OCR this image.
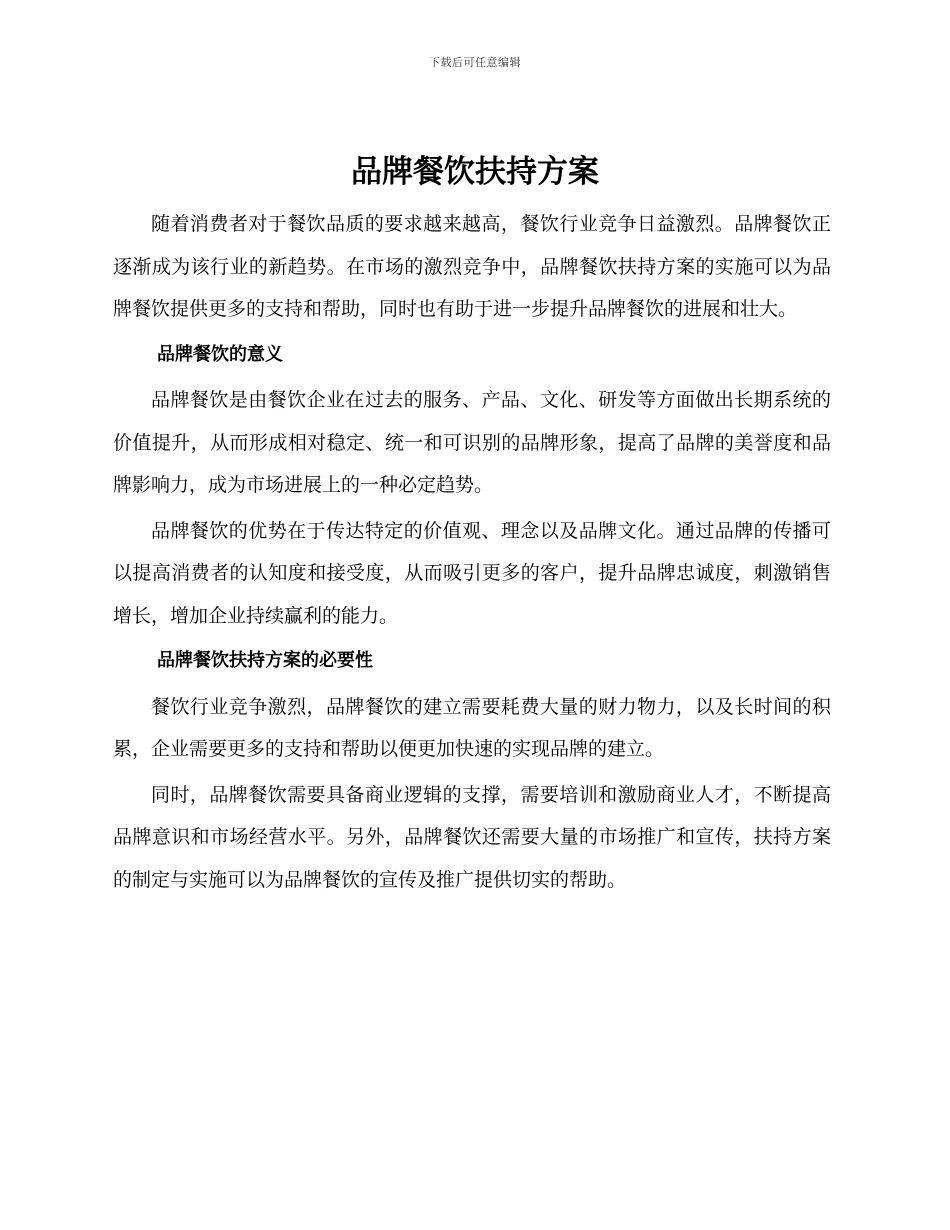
下载后可任意编辑
品牌餐饮扶持方案

随着消费者对于餐饮品质的要求越来越高，餐饮行业竞争日益激烈。品牌餐饮正逐渐成为该行业的新趋势。在市场的激烈竞争中，品牌餐饮扶持方案的实施可以为品牌餐饮提供更多的支持和帮助，同时也有助于进一步提升品牌餐饮的进展和壮大。

品牌餐饮的意义

品牌餐饮是由餐饮企业在过去的服务、产品、文化、研发等方面做出长期系统的价值提升，从而形成相对稳定、统一和可识别的品牌形象，提高了品牌的美誉度和品牌影响力，成为市场进展上的一种必定趋势。

品牌餐饮的优势在于传达特定的价值观、理念以及品牌文化。通过品牌的传播可以提高消费者的认知度和接受度，从而吸引更多的客户，提升品牌忠诚度，刺激销售增长，增加企业持续赢利的能力。

品牌餐饮扶持方案的必要性

餐饮行业竞争激烈，品牌餐饮的建立需要耗费大量的财力物力，以及长时间的积累，企业需要更多的支持和帮助以便更加快速的实现品牌的建立。

同时，品牌餐饮需要具备商业逻辑的支撑，需要培训和激励商业人才，不断提高品牌意识和市场经营水平。另外，品牌餐饮还需要大量的市场推广和宣传，扶持方案的制定与实施可以为品牌餐饮的宣传及推广提供切实的帮助。
